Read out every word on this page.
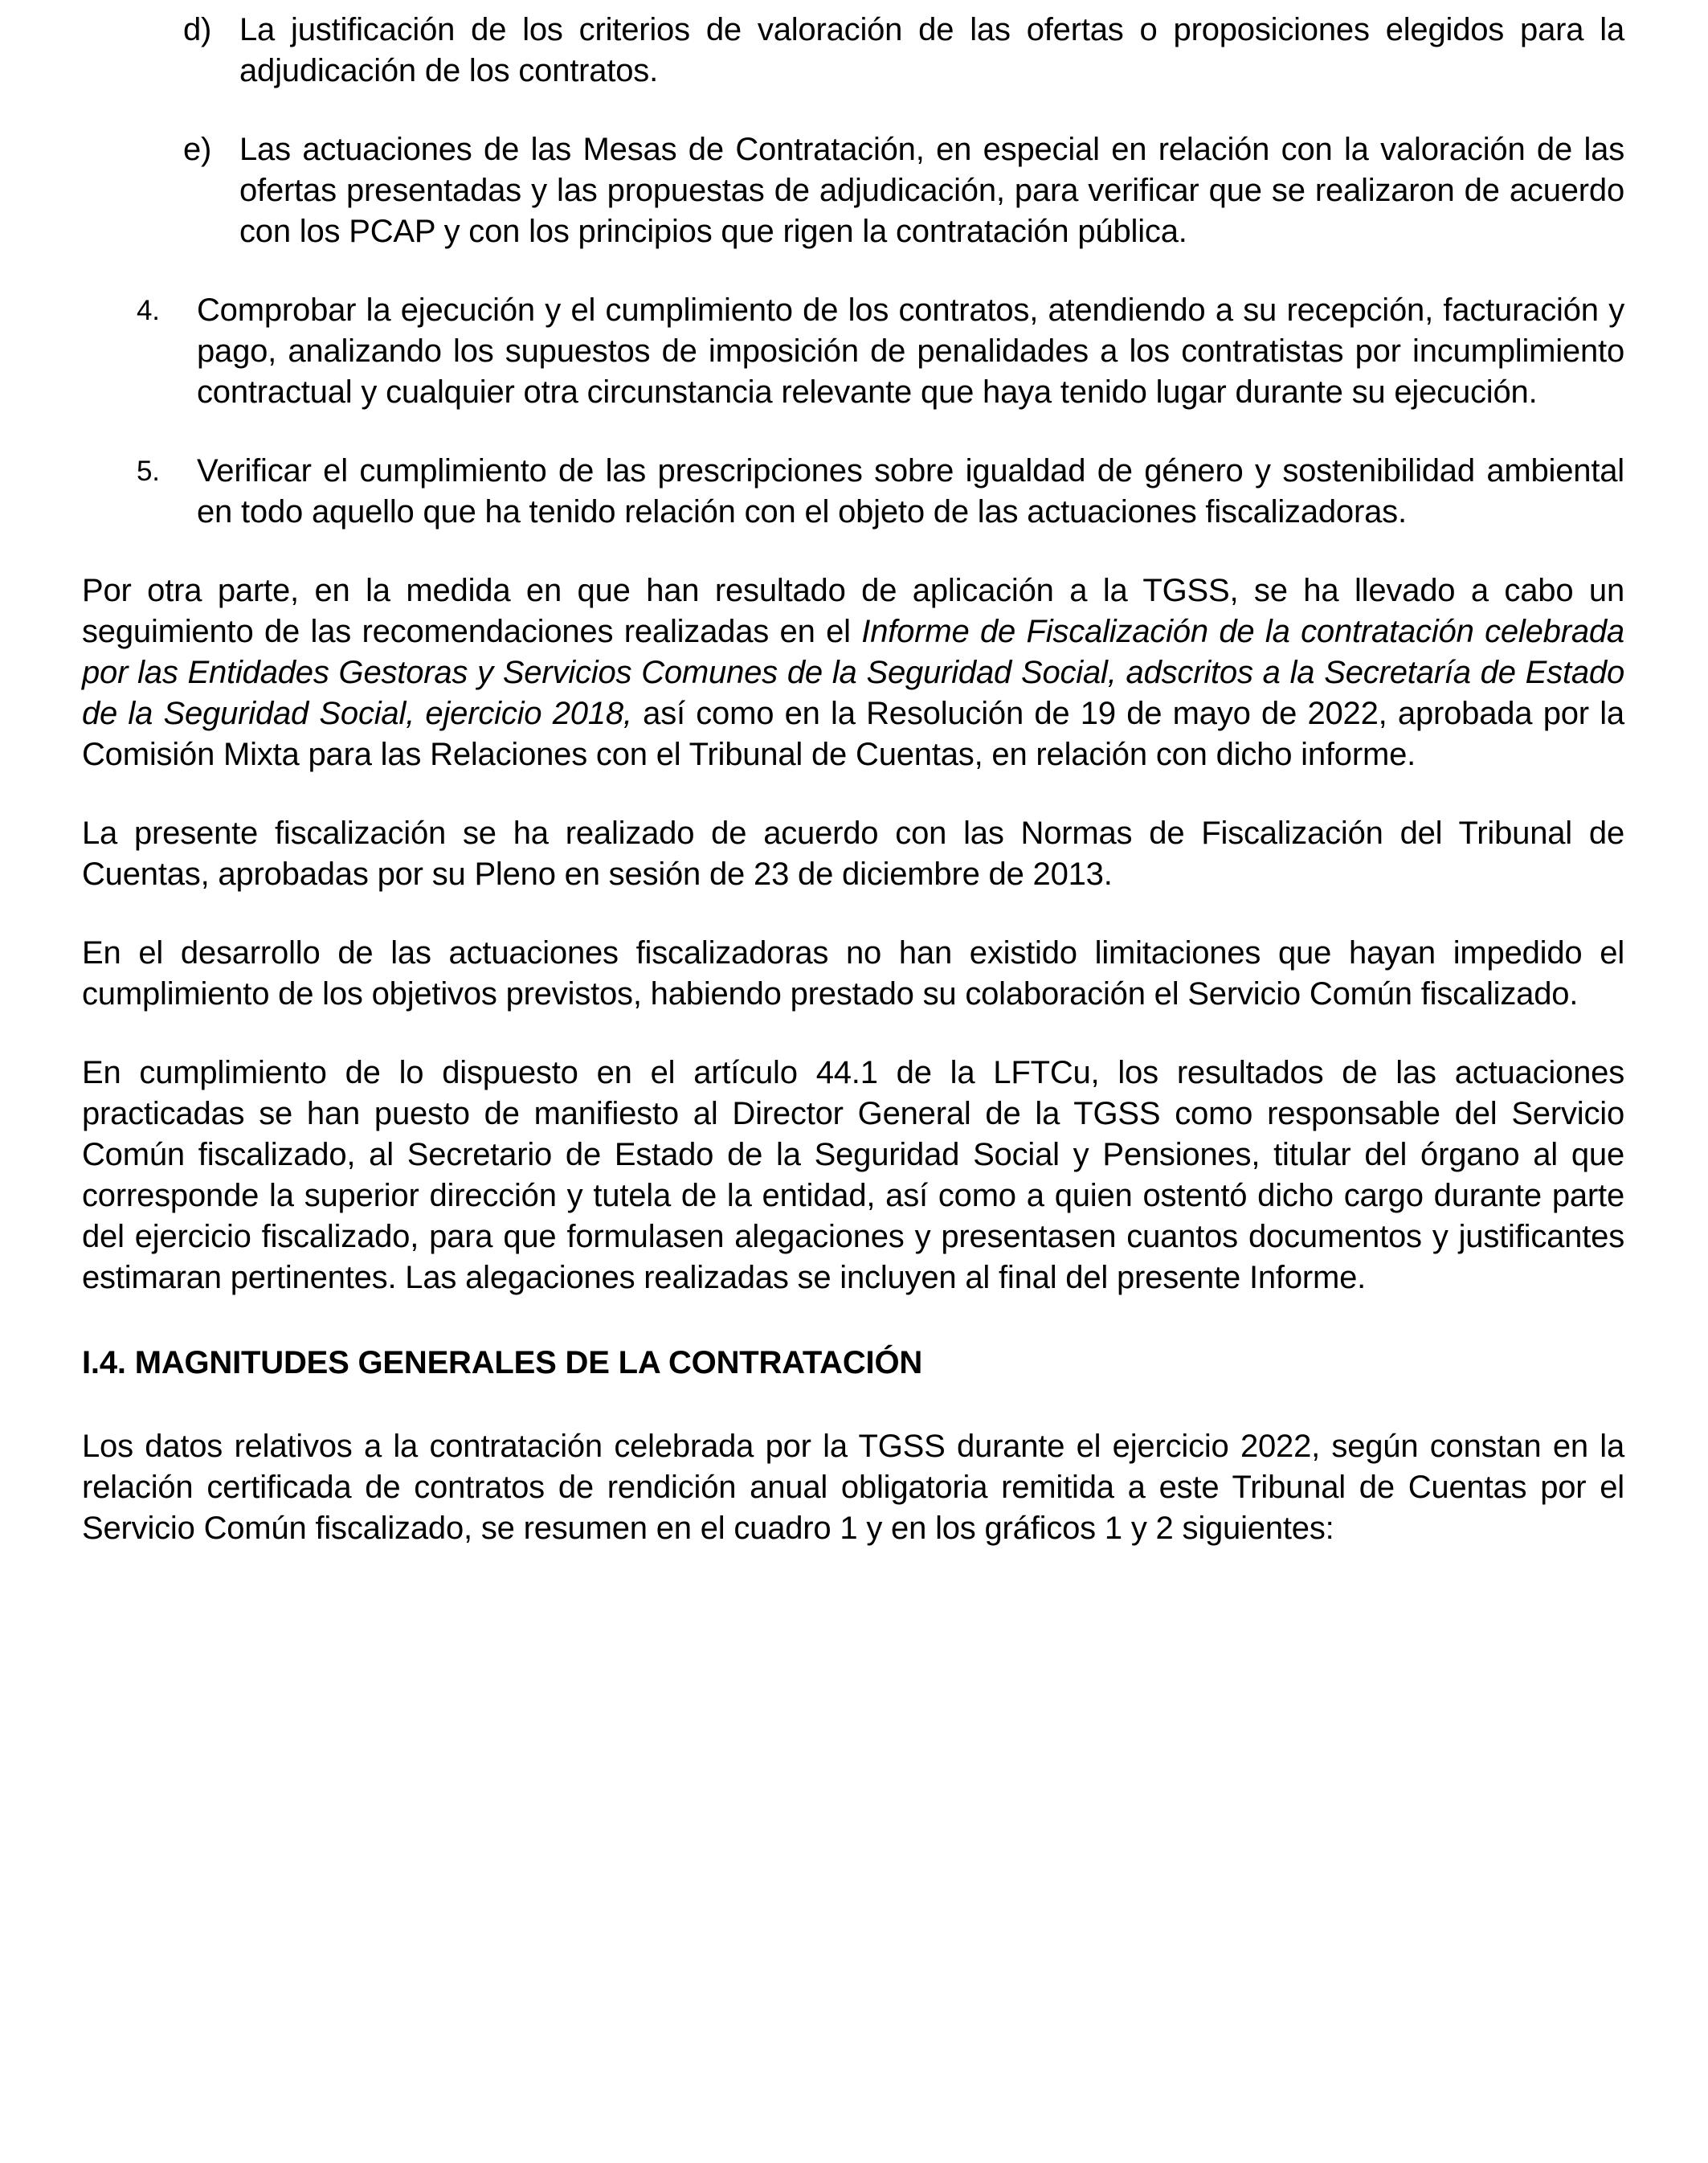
d) La justificación de los criterios de valoración de las ofertas o proposiciones elegidos para la adjudicación de los contratos.
e) Las actuaciones de las Mesas de Contratación, en especial en relación con la valoración de las ofertas presentadas y las propuestas de adjudicación, para verificar que se realizaron de acuerdo con los PCAP y con los principios que rigen la contratación pública.
4.	Comprobar la ejecución y el cumplimiento de los contratos, atendiendo a su recepción, facturación y pago, analizando los supuestos de imposición de penalidades a los contratistas por incumplimiento contractual y cualquier otra circunstancia relevante que haya tenido lugar durante su ejecución.
5.	Verificar el cumplimiento de las prescripciones sobre igualdad de género y sostenibilidad ambiental en todo aquello que ha tenido relación con el objeto de las actuaciones fiscalizadoras.

Por otra parte, en la medida en que han resultado de aplicación a la TGSS, se ha llevado a cabo un seguimiento de las recomendaciones realizadas en el Informe de Fiscalización de la contratación celebrada por las Entidades Gestoras y Servicios Comunes de la Seguridad Social, adscritos a la Secretaría de Estado de la Seguridad Social, ejercicio 2018, así como en la Resolución de 19 de mayo de 2022, aprobada por la Comisión Mixta para las Relaciones con el Tribunal de Cuentas, en relación con dicho informe.

La presente fiscalización se ha realizado de acuerdo con las Normas de Fiscalización del Tribunal de Cuentas, aprobadas por su Pleno en sesión de 23 de diciembre de 2013.

En el desarrollo de las actuaciones fiscalizadoras no han existido limitaciones que hayan impedido el cumplimiento de los objetivos previstos, habiendo prestado su colaboración el Servicio Común fiscalizado.

En cumplimiento de lo dispuesto en el artículo 44.1 de la LFTCu, los resultados de las actuaciones practicadas se han puesto de manifiesto al Director General de la TGSS como responsable del Servicio Común fiscalizado, al Secretario de Estado de la Seguridad Social y Pensiones, titular del órgano al que corresponde la superior dirección y tutela de la entidad, así como a quien ostentó dicho cargo durante parte del ejercicio fiscalizado, para que formulasen alegaciones y presentasen cuantos documentos y justificantes estimaran pertinentes. Las alegaciones realizadas se incluyen al final del presente Informe.

I.4. MAGNITUDES GENERALES DE LA CONTRATACIÓN

Los datos relativos a la contratación celebrada por la TGSS durante el ejercicio 2022, según constan en la relación certificada de contratos de rendición anual obligatoria remitida a este Tribunal de Cuentas por el Servicio Común fiscalizado, se resumen en el cuadro 1 y en los gráficos 1 y 2 siguientes:
